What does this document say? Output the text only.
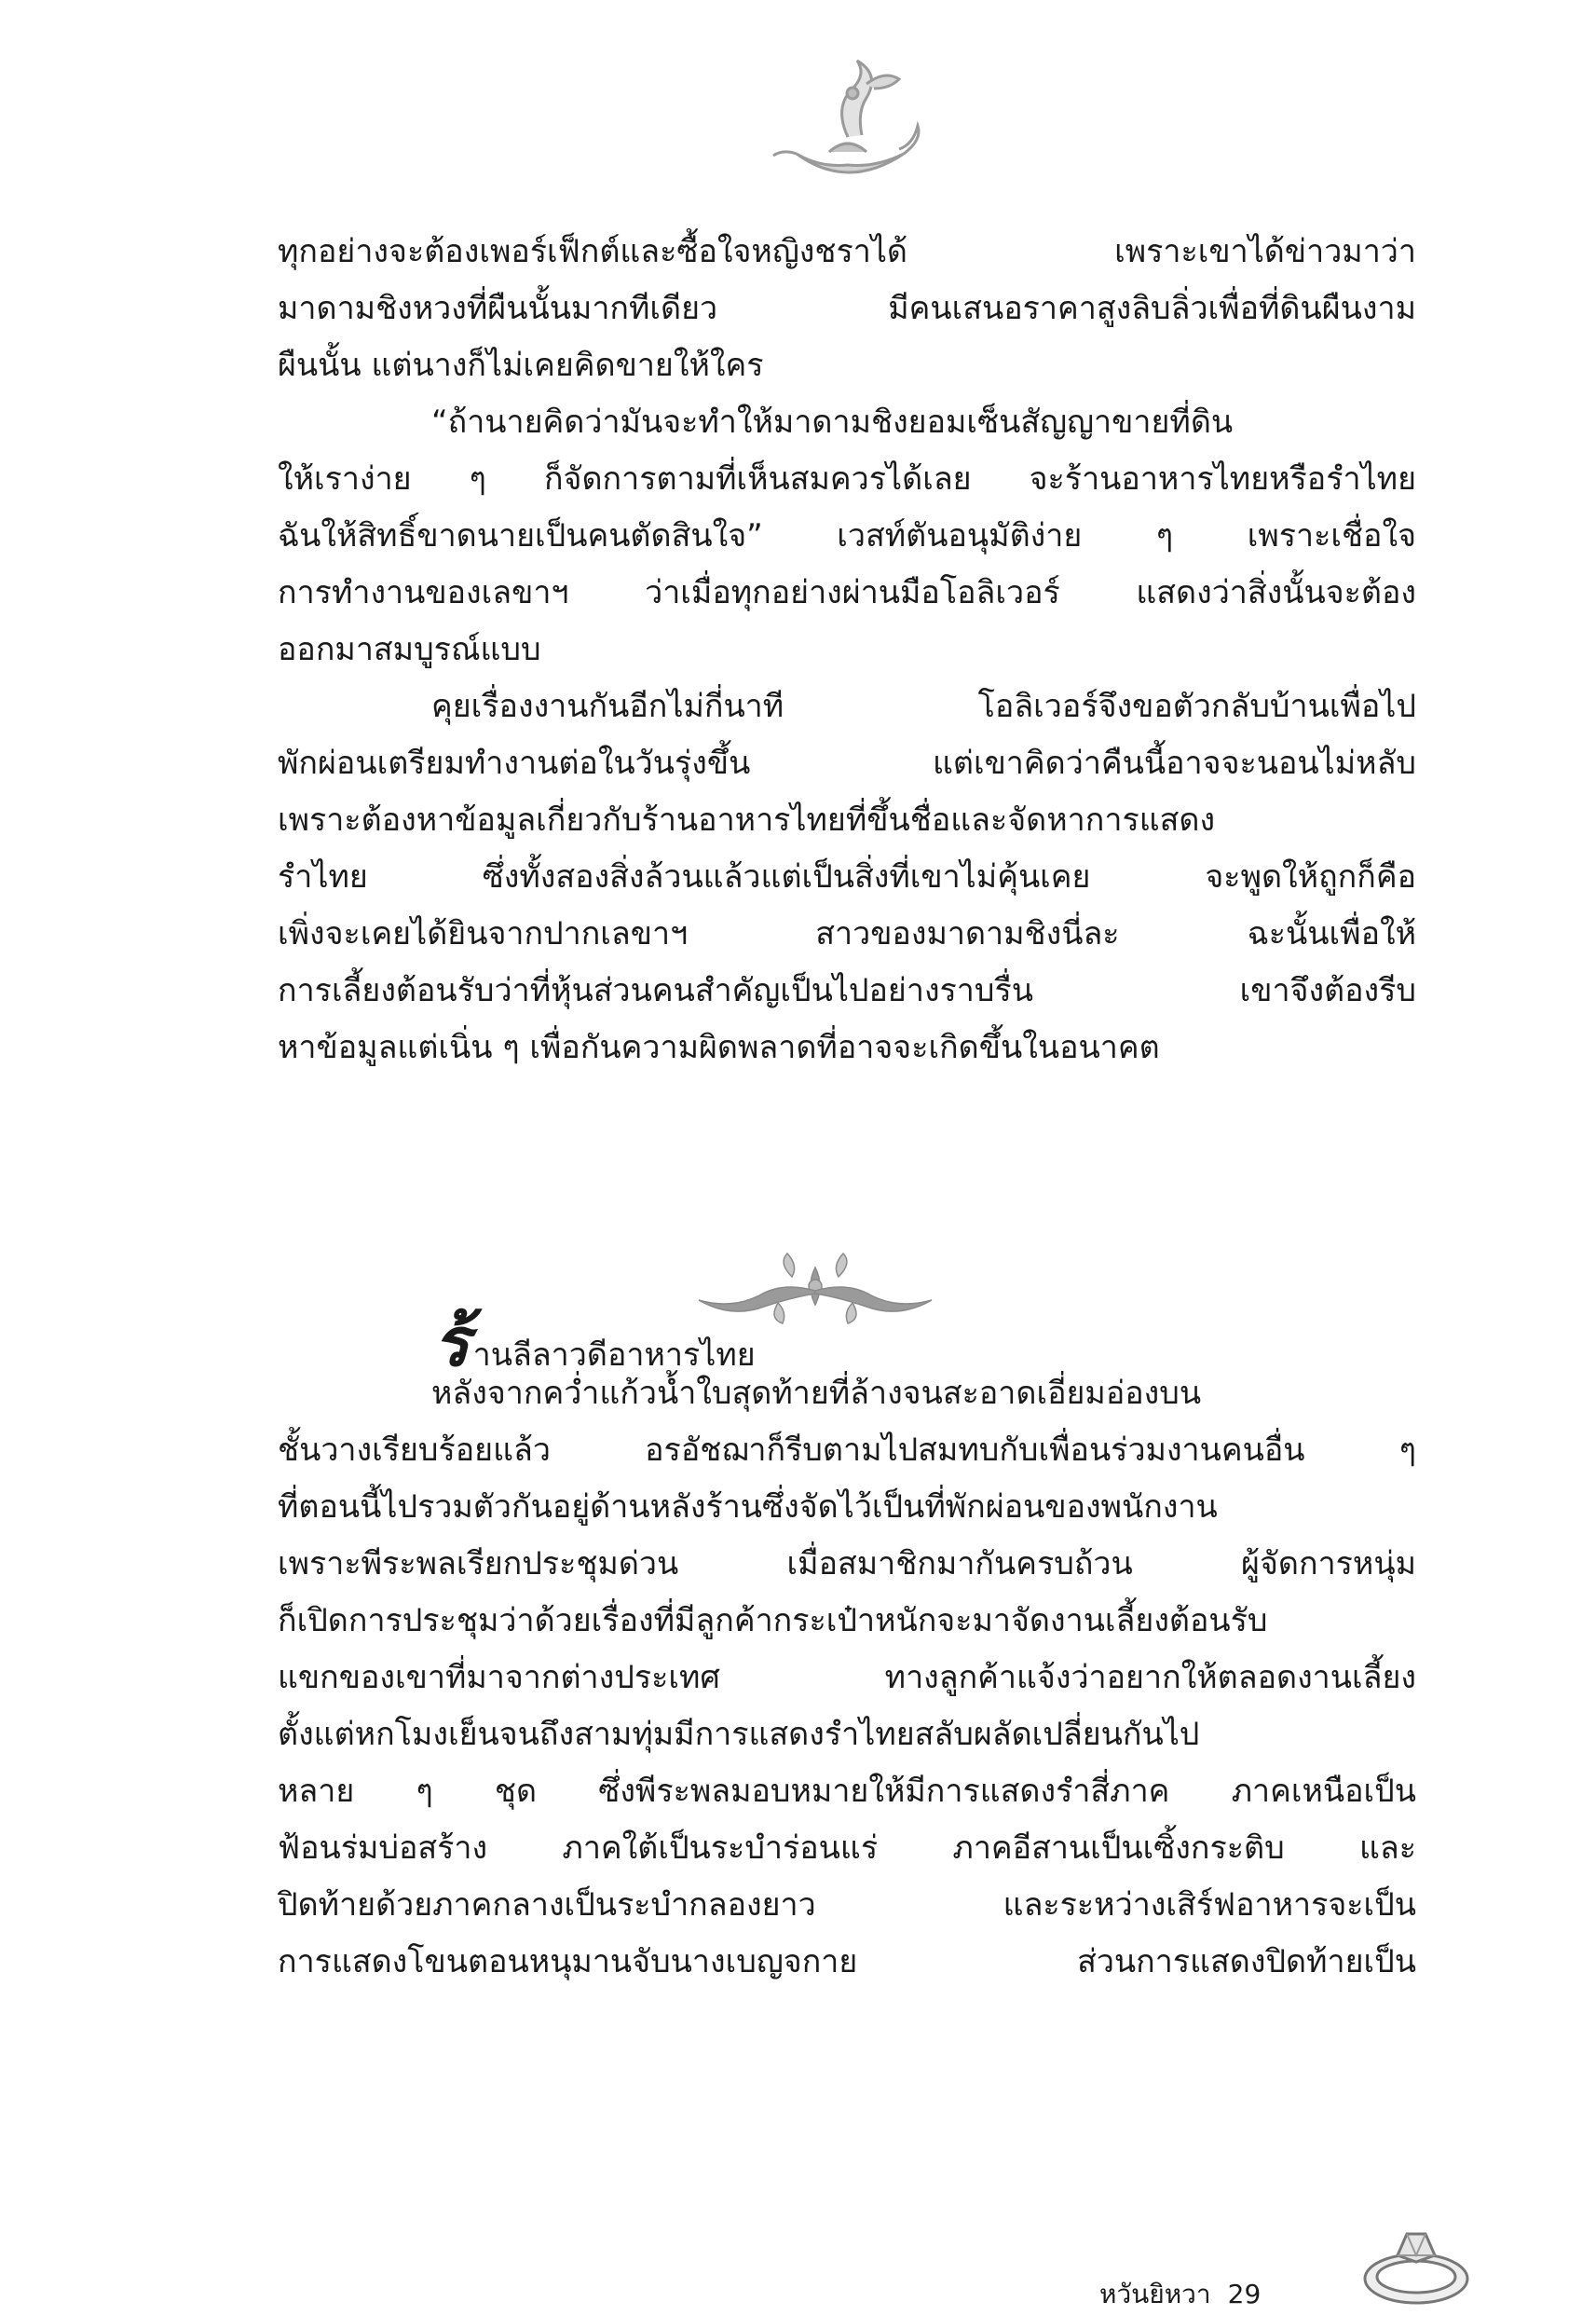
ทุกอย่างจะต้องเพอร์เฟ็กต์และซื้อใจหญิงชราได้ เพราะเขาได้ข่าวมาว่า

มาดามชิงหวงที่ผืนนั้นมากทีเดียว มีคนเสนอราคาสูงลิบลิ่วเพื่อที่ดินผืนงาม

ผืนนั้น แต่นางก็ไม่เคยคิดขายให้ใคร

“ถ้านายคิดว่ามันจะทำให้มาดามชิงยอมเซ็นสัญญาขายที่ดิน

ให้เราง่าย ๆ ก็จัดการตามที่เห็นสมควรได้เลย จะร้านอาหารไทยหรือรำไทย

ฉันให้สิทธิ์ขาดนายเป็นคนตัดสินใจ” เวสท์ตันอนุมัติง่าย ๆ เพราะเชื่อใจ

การทำงานของเลขาฯ ว่าเมื่อทุกอย่างผ่านมือโอลิเวอร์ แสดงว่าสิ่งนั้นจะต้อง

ออกมาสมบูรณ์แบบ

คุยเรื่องงานกันอีกไม่กี่นาที โอลิเวอร์จึงขอตัวกลับบ้านเพื่อไป

พักผ่อนเตรียมทำงานต่อในวันรุ่งขึ้น แต่เขาคิดว่าคืนนี้อาจจะนอนไม่หลับ

เพราะต้องหาข้อมูลเกี่ยวกับร้านอาหารไทยที่ขึ้นชื่อและจัดหาการแสดง

รำไทย ซึ่งทั้งสองสิ่งล้วนแล้วแต่เป็นสิ่งที่เขาไม่คุ้นเคย จะพูดให้ถูกก็คือ

เพิ่งจะเคยได้ยินจากปากเลขาฯ สาวของมาดามชิงนี่ละ ฉะนั้นเพื่อให้

การเลี้ยงต้อนรับว่าที่หุ้นส่วนคนสำคัญเป็นไปอย่างราบรื่น เขาจึงต้องรีบ

หาข้อมูลแต่เนิ่น ๆ เพื่อกันความผิดพลาดที่อาจจะเกิดขึ้นในอนาคต

ร้านลีลาวดีอาหารไทย

หลังจากคว่ำแก้วน้ำใบสุดท้ายที่ล้างจนสะอาดเอี่ยมอ่องบน

ชั้นวางเรียบร้อยแล้ว อรอัชฌาก็รีบตามไปสมทบกับเพื่อนร่วมงานคนอื่น ๆ

ที่ตอนนี้ไปรวมตัวกันอยู่ด้านหลังร้านซึ่งจัดไว้เป็นที่พักผ่อนของพนักงาน

เพราะพีระพลเรียกประชุมด่วน เมื่อสมาชิกมากันครบถ้วน ผู้จัดการหนุ่ม

ก็เปิดการประชุมว่าด้วยเรื่องที่มีลูกค้ากระเป๋าหนักจะมาจัดงานเลี้ยงต้อนรับ

แขกของเขาที่มาจากต่างประเทศ ทางลูกค้าแจ้งว่าอยากให้ตลอดงานเลี้ยง

ตั้งแต่หกโมงเย็นจนถึงสามทุ่มมีการแสดงรำไทยสลับผลัดเปลี่ยนกันไป

หลาย ๆ ชุด ซึ่งพีระพลมอบหมายให้มีการแสดงรำสี่ภาค ภาคเหนือเป็น

ฟ้อนร่มบ่อสร้าง ภาคใต้เป็นระบำร่อนแร่ ภาคอีสานเป็นเซิ้งกระติบ และ

ปิดท้ายด้วยภาคกลางเป็นระบำกลองยาว และระหว่างเสิร์ฟอาหารจะเป็น

การแสดงโขนตอนหนุมานจับนางเบญจกาย ส่วนการแสดงปิดท้ายเป็น

หวันยิหวา 29
